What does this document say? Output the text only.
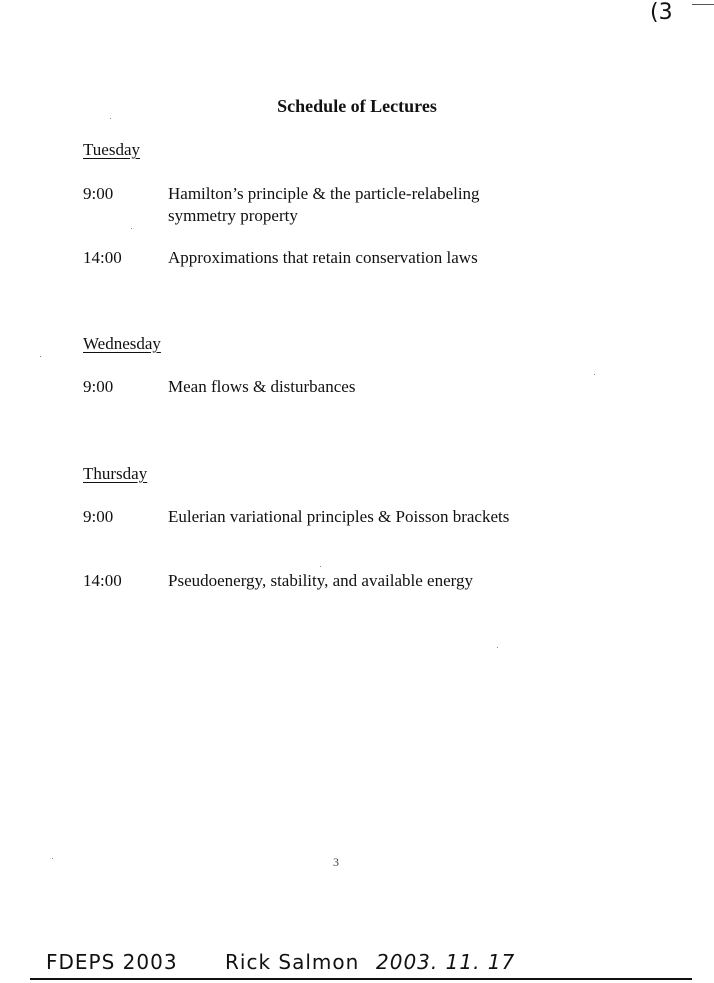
(3
Schedule of Lectures
Tuesday
9:00	Hamilton’s principle & the particle-relabeling symmetry property
14:00	Approximations that retain conservation laws
Wednesday
9:00	Mean flows & disturbances
Thursday
9:00	Eulerian variational principles & Poisson brackets
14:00	Pseudoenergy, stability, and available energy
3
FDEPS 2003 Rick Salmon 2003. 11. 17
